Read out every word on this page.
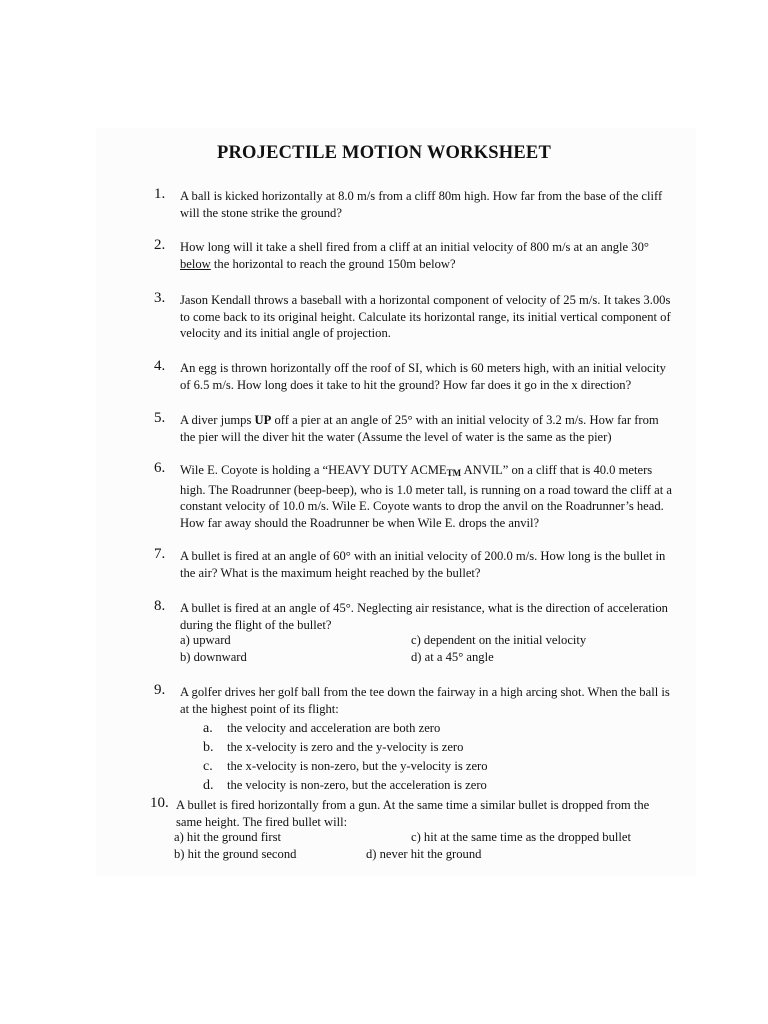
PROJECTILE MOTION WORKSHEET
1. A ball is kicked horizontally at 8.0 m/s from a cliff 80m high. How far from the base of the cliff
will the stone strike the ground?
2. How long will it take a shell fired from a cliff at an initial velocity of 800 m/s at an angle 30°
below the horizontal to reach the ground 150m below?
3. Jason Kendall throws a baseball with a horizontal component of velocity of 25 m/s. It takes 3.00s
to come back to its original height. Calculate its horizontal range, its initial vertical component of
velocity and its initial angle of projection.
4. An egg is thrown horizontally off the roof of SI, which is 60 meters high, with an initial velocity
of 6.5 m/s. How long does it take to hit the ground? How far does it go in the x direction?
5. A diver jumps UP off a pier at an angle of 25° with an initial velocity of 3.2 m/s. How far from
the pier will the diver hit the water (Assume the level of water is the same as the pier)
6. Wile E. Coyote is holding a “HEAVY DUTY $ACME_{TM}$ ANVIL” on a cliff that is 40.0 meters
high. The Roadrunner (beep-beep), who is 1.0 meter tall, is running on a road toward the cliff at a
constant velocity of 10.0 m/s. Wile E. Coyote wants to drop the anvil on the Roadrunner’s head.
How far away should the Roadrunner be when Wile E. drops the anvil?
7. A bullet is fired at an angle of 60° with an initial velocity of 200.0 m/s. How long is the bullet in
the air? What is the maximum height reached by the bullet?
8. A bullet is fired at an angle of 45°. Neglecting air resistance, what is the direction of acceleration
during the flight of the bullet?
a) upward
b) downward
c) dependent on the initial velocity
d) at a 45° angle
9. A golfer drives her golf ball from the tee down the fairway in a high arcing shot. When the ball is
at the highest point of its flight:
a. the velocity and acceleration are both zero
b. the x-velocity is zero and the y-velocity is zero
c. the x-velocity is non-zero, but the y-velocity is zero
d. the velocity is non-zero, but the acceleration is zero
10. A bullet is fired horizontally from a gun. At the same time a similar bullet is dropped from the
same height. The fired bullet will:
a) hit the ground first
b) hit the ground second
c) hit at the same time as the dropped bullet
d) never hit the ground
